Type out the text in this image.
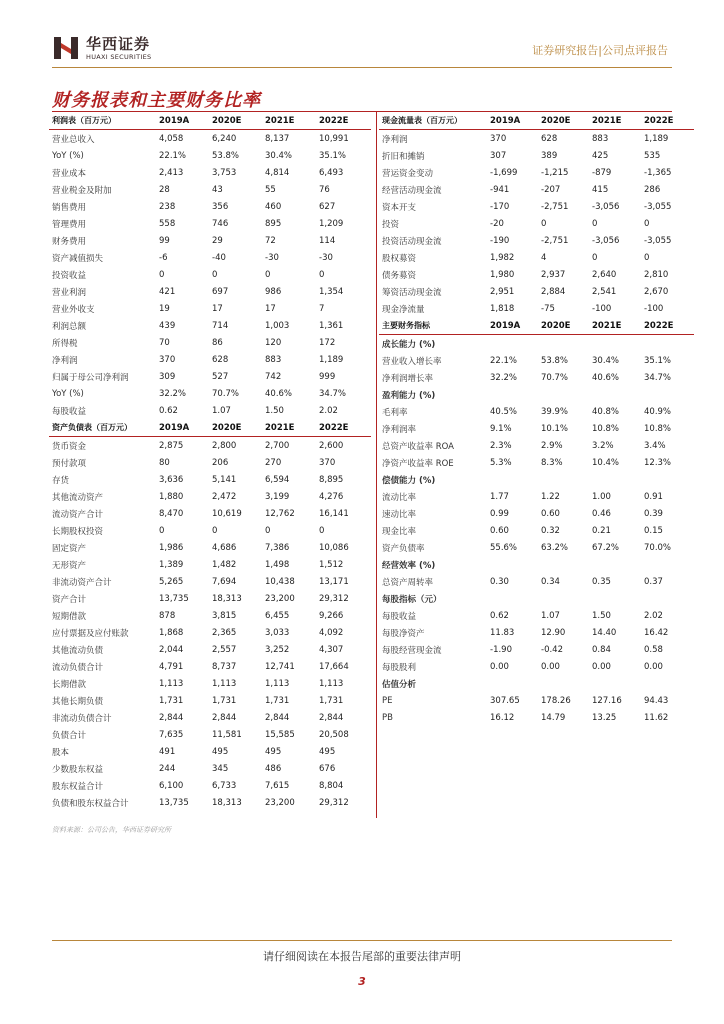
华西证券
HUAXI SECURITIES	证券研究报告|公司点评报告
财务报表和主要财务比率
利润表（百万元）	2019A	2020E	2021E	2022E
营业总收入	4,058	6,240	8,137	10,991
YoY (%)	22.1%	53.8%	30.4%	35.1%
营业成本	2,413	3,753	4,814	6,493
营业税金及附加	28	43	55	76
销售费用	238	356	460	627
管理费用	558	746	895	1,209
财务费用	99	29	72	114
资产减值损失	-6	-40	-30	-30
投资收益	0	0	0	0
营业利润	421	697	986	1,354
营业外收支	19	17	17	7
利润总额	439	714	1,003	1,361
所得税	70	86	120	172
净利润	370	628	883	1,189
归属于母公司净利润	309	527	742	999
YoY (%)	32.2%	70.7%	40.6%	34.7%
每股收益	0.62	1.07	1.50	2.02
资产负债表（百万元）	2019A	2020E	2021E	2022E
货币资金	2,875	2,800	2,700	2,600
预付款项	80	206	270	370
存货	3,636	5,141	6,594	8,895
其他流动资产	1,880	2,472	3,199	4,276
流动资产合计	8,470	10,619	12,762	16,141
长期股权投资	0	0	0	0
固定资产	1,986	4,686	7,386	10,086
无形资产	1,389	1,482	1,498	1,512
非流动资产合计	5,265	7,694	10,438	13,171
资产合计	13,735	18,313	23,200	29,312
短期借款	878	3,815	6,455	9,266
应付票据及应付账款	1,868	2,365	3,033	4,092
其他流动负债	2,044	2,557	3,252	4,307
流动负债合计	4,791	8,737	12,741	17,664
长期借款	1,113	1,113	1,113	1,113
其他长期负债	1,731	1,731	1,731	1,731
非流动负债合计	2,844	2,844	2,844	2,844
负债合计	7,635	11,581	15,585	20,508
股本	491	495	495	495
少数股东权益	244	345	486	676
股东权益合计	6,100	6,733	7,615	8,804
负债和股东权益合计	13,735	18,313	23,200	29,312
现金流量表（百万元）	2019A	2020E	2021E	2022E
净利润	370	628	883	1,189
折旧和摊销	307	389	425	535
营运资金变动	-1,699	-1,215	-879	-1,365
经营活动现金流	-941	-207	415	286
资本开支	-170	-2,751	-3,056	-3,055
投资	-20	0	0	0
投资活动现金流	-190	-2,751	-3,056	-3,055
股权募资	1,982	4	0	0
债务募资	1,980	2,937	2,640	2,810
筹资活动现金流	2,951	2,884	2,541	2,670
现金净流量	1,818	-75	-100	-100
主要财务指标	2019A	2020E	2021E	2022E
成长能力 (%)				
营业收入增长率	22.1%	53.8%	30.4%	35.1%
净利润增长率	32.2%	70.7%	40.6%	34.7%
盈利能力 (%)				
毛利率	40.5%	39.9%	40.8%	40.9%
净利润率	9.1%	10.1%	10.8%	10.8%
总资产收益率 ROA	2.3%	2.9%	3.2%	3.4%
净资产收益率 ROE	5.3%	8.3%	10.4%	12.3%
偿债能力 (%)				
流动比率	1.77	1.22	1.00	0.91
速动比率	0.99	0.60	0.46	0.39
现金比率	0.60	0.32	0.21	0.15
资产负债率	55.6%	63.2%	67.2%	70.0%
经营效率 (%)				
总资产周转率	0.30	0.34	0.35	0.37
每股指标（元）				
每股收益	0.62	1.07	1.50	2.02
每股净资产	11.83	12.90	14.40	16.42
每股经营现金流	-1.90	-0.42	0.84	0.58
每股股利	0.00	0.00	0.00	0.00
估值分析				
PE	307.65	178.26	127.16	94.43
PB	16.12	14.79	13.25	11.62
资料来源：公司公告，华西证券研究所
请仔细阅读在本报告尾部的重要法律声明
3
